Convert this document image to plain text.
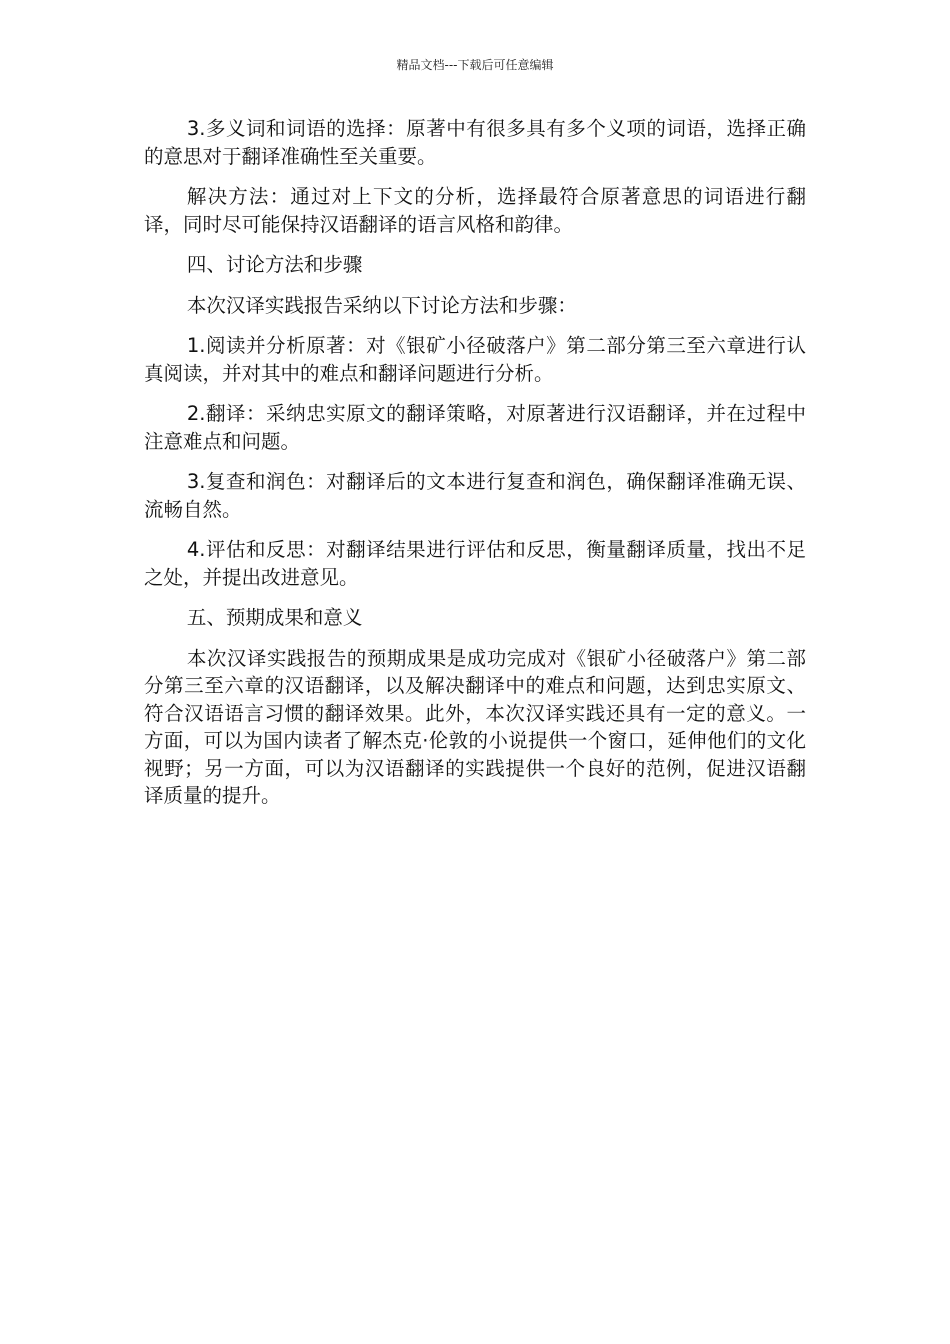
精品文档---下载后可任意编辑

3.多义词和词语的选择：原著中有很多具有多个义项的词语，选择正确的意思对于翻译准确性至关重要。

解决方法：通过对上下文的分析，选择最符合原著意思的词语进行翻译，同时尽可能保持汉语翻译的语言风格和韵律。

四、讨论方法和步骤

本次汉译实践报告采纳以下讨论方法和步骤：

1.阅读并分析原著：对《银矿小径破落户》第二部分第三至六章进行认真阅读，并对其中的难点和翻译问题进行分析。

2.翻译：采纳忠实原文的翻译策略，对原著进行汉语翻译，并在过程中注意难点和问题。

3.复查和润色：对翻译后的文本进行复查和润色，确保翻译准确无误、流畅自然。

4.评估和反思：对翻译结果进行评估和反思，衡量翻译质量，找出不足之处，并提出改进意见。

五、预期成果和意义

本次汉译实践报告的预期成果是成功完成对《银矿小径破落户》第二部分第三至六章的汉语翻译，以及解决翻译中的难点和问题，达到忠实原文、符合汉语语言习惯的翻译效果。此外，本次汉译实践还具有一定的意义。一方面，可以为国内读者了解杰克·伦敦的小说提供一个窗口，延伸他们的文化视野；另一方面，可以为汉语翻译的实践提供一个良好的范例，促进汉语翻译质量的提升。
